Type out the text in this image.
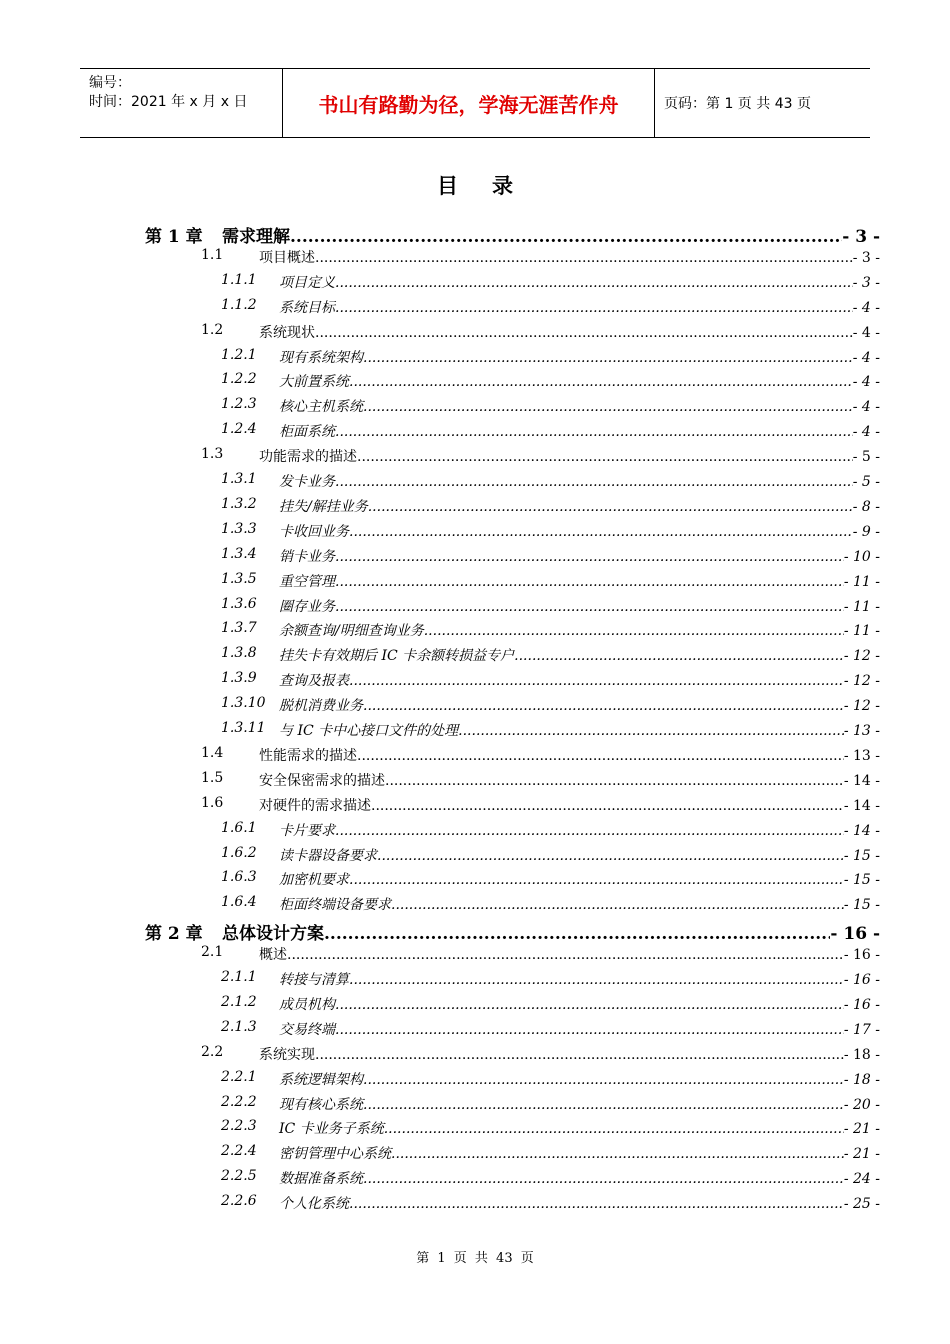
编号：
时间：2021 年 x 月 x 日	书山有路勤为径，学海无涯苦作舟	页码：第 1 页 共 43 页
目录
第 1 章 需求理解 .....	- 3 -
1.1	项目概述 .....	- 3 -
1.1.1 项目定义 .....	- 3 -
1.1.2 系统目标 .....	- 4 -
1.2	系统现状 .....	- 4 -
1.2.1 现有系统架构 .....	- 4 -
1.2.2 大前置系统 .....	- 4 -
1.2.3 核心主机系统 .....	- 4 -
1.2.4 柜面系统 .....	- 4 -
1.3	功能需求的描述 .....	- 5 -
1.3.1 发卡业务 .....	- 5 -
1.3.2 挂失/解挂业务 .....	- 8 -
1.3.3 卡收回业务 .....	- 9 -
1.3.4 销卡业务 .....	- 10 -
1.3.5 重空管理 .....	- 11 -
1.3.6 圈存业务 .....	- 11 -
1.3.7 余额查询/明细查询业务 .....	- 11 -
1.3.8 挂失卡有效期后 IC 卡余额转损益专户 .....	- 12 -
1.3.9 查询及报表 .....	- 12 -
1.3.10 脱机消费业务 .....	- 12 -
1.3.11 与 IC 卡中心接口文件的处理 .....	- 13 -
1.4	性能需求的描述 .....	- 13 -
1.5	安全保密需求的描述 .....	- 14 -
1.6	对硬件的需求描述 .....	- 14 -
1.6.1 卡片要求 .....	- 14 -
1.6.2 读卡器设备要求 .....	- 15 -
1.6.3 加密机要求 .....	- 15 -
1.6.4 柜面终端设备要求 .....	- 15 -
第 2 章 总体设计方案 .....	- 16 -
2.1	概述 .....	- 16 -
2.1.1 转接与清算 .....	- 16 -
2.1.2 成员机构 .....	- 16 -
2.1.3 交易终端 .....	- 17 -
2.2	系统实现 .....	- 18 -
2.2.1 系统逻辑架构 .....	- 18 -
2.2.2 现有核心系统 .....	- 20 -
2.2.3 IC 卡业务子系统 .....	- 21 -
2.2.4 密钥管理中心系统 .....	- 21 -
2.2.5 数据准备系统 .....	- 24 -
2.2.6 个人化系统 .....	- 25 -
第 1 页 共 43 页
